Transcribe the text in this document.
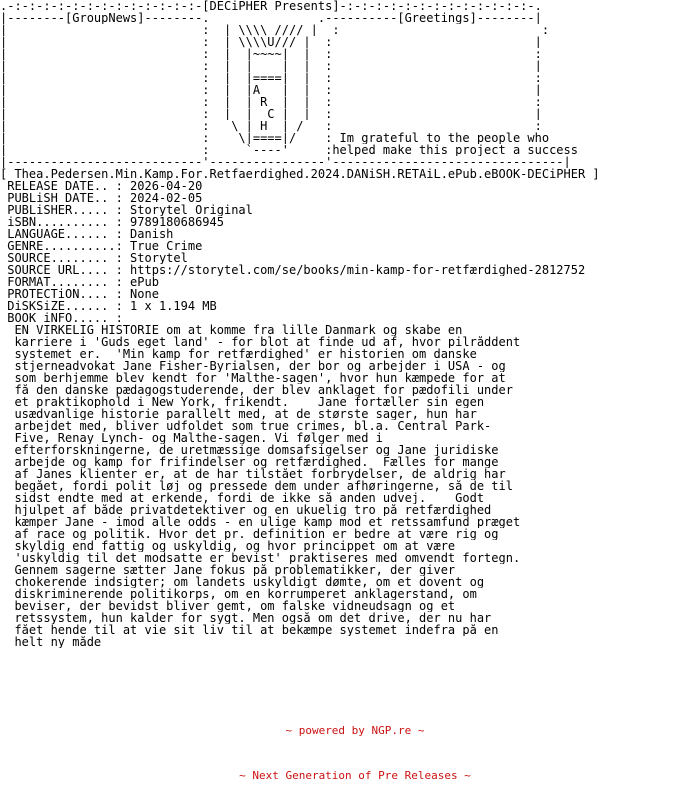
.-:-:-:-:-:-:-:-:-:-:-:-:-:-[DECiPHER Presents]-:-:-:-:-:-:-:-:-:-:-:-:-:-.
|--------[GroupNews]--------.   _       _   .----------[Greetings]--------|
|                           :  | \\\\ //// |  :                            :
|                           :  | \\\\U/// |  :                            |
|                           :  |  |~~~~|  |  :                            :
|                           :  |  |    |  |  :                            |
|                           :  |  |====|  |  :                            :
|                           :  |  |A   |  |  :                            |
|                           :  |  | R  |  |  :                            :
|                           :  |  |  C |  |  :                            |
|                           :   \ | H  | /   :                            :
|                           :    \|====|/    : Im grateful to the people who
|                           :     `----'     :helped make this project a success
|---------------------------'----------------'--------------------------------|
[ Thea.Pedersen.Min.Kamp.For.Retfaerdighed.2024.DANiSH.RETAiL.ePub.eBOOK-DECiPHER ]
RELEASE DATE.. : 2026-04-20
PUBLiSH DATE.. : 2024-02-05
PUBLiSHER..... : Storytel Original
iSBN.......... : 9789180686945
LANGUAGE...... : Danish
GENRE..........: True Crime
SOURCE........ : Storytel
SOURCE URL.... : https://storytel.com/se/books/min-kamp-for-retfærdighed-2812752
FORMAT........ : ePub
PROTECTiON.... : None
DiSKSiZE...... : 1 x 1.194 MB
BOOK iNFO..... :
EN VIRKELIG HISTORIE om at komme fra lille Danmark og skabe en
karriere i 'Guds eget land' - for blot at finde ud af, hvor pilråddent
systemet er.  'Min kamp for retfærdighed' er historien om danske
stjerneadvokat Jane Fisher-Byrialsen, der bor og arbejder i USA - og
som berhjemme blev kendt for 'Malthe-sagen', hvor hun kæmpede for at
få den danske pædagogstuderende, der blev anklaget for pædofili under
et praktikophold i New York, frikendt.    Jane fortæller sin egen
usædvanlige historie parallelt med, at de største sager, hun har
arbejdet med, bliver udfoldet som true crimes, bl.a. Central Park-
Five, Renay Lynch- og Malthe-sagen. Vi følger med i
efterforskningerne, de uretmæssige domsafsigelser og Jane juridiske
arbejde og kamp for frifindelser og retfærdighed.  Fælles for mange
af Janes klienter er, at de har tilstået forbrydelser, de aldrig har
begået, fordi polit løj og pressede dem under afhøringerne, så de til
sidst endte med at erkende, fordi de ikke så anden udvej.    Godt
hjulpet af både privatdetektiver og en ukuelig tro på retfærdighed
kæmper Jane - imod alle odds - en ulige kamp mod et retssamfund præget
af race og politik. Hvor det pr. definition er bedre at være rig og
skyldig end fattig og uskyldig, og hvor princippet om at være
'uskyldig til det modsatte er bevist' praktiseres med omvendt fortegn.
Gennem sagerne sætter Jane fokus på problematikker, der giver
chokerende indsigter; om landets uskyldigt dømte, om et dovent og
diskriminerende politikorps, om en korrumperet anklagerstand, om
beviser, der bevidst bliver gemt, om falske vidneudsagn og et
retssystem, hun kalder for sygt. Men også om det drive, der nu har
fået hende til at vie sit liv til at bekæmpe systemet indefra på en
helt ny måde

~ powered by NGP.re ~

~ Next Generation of Pre Releases ~
